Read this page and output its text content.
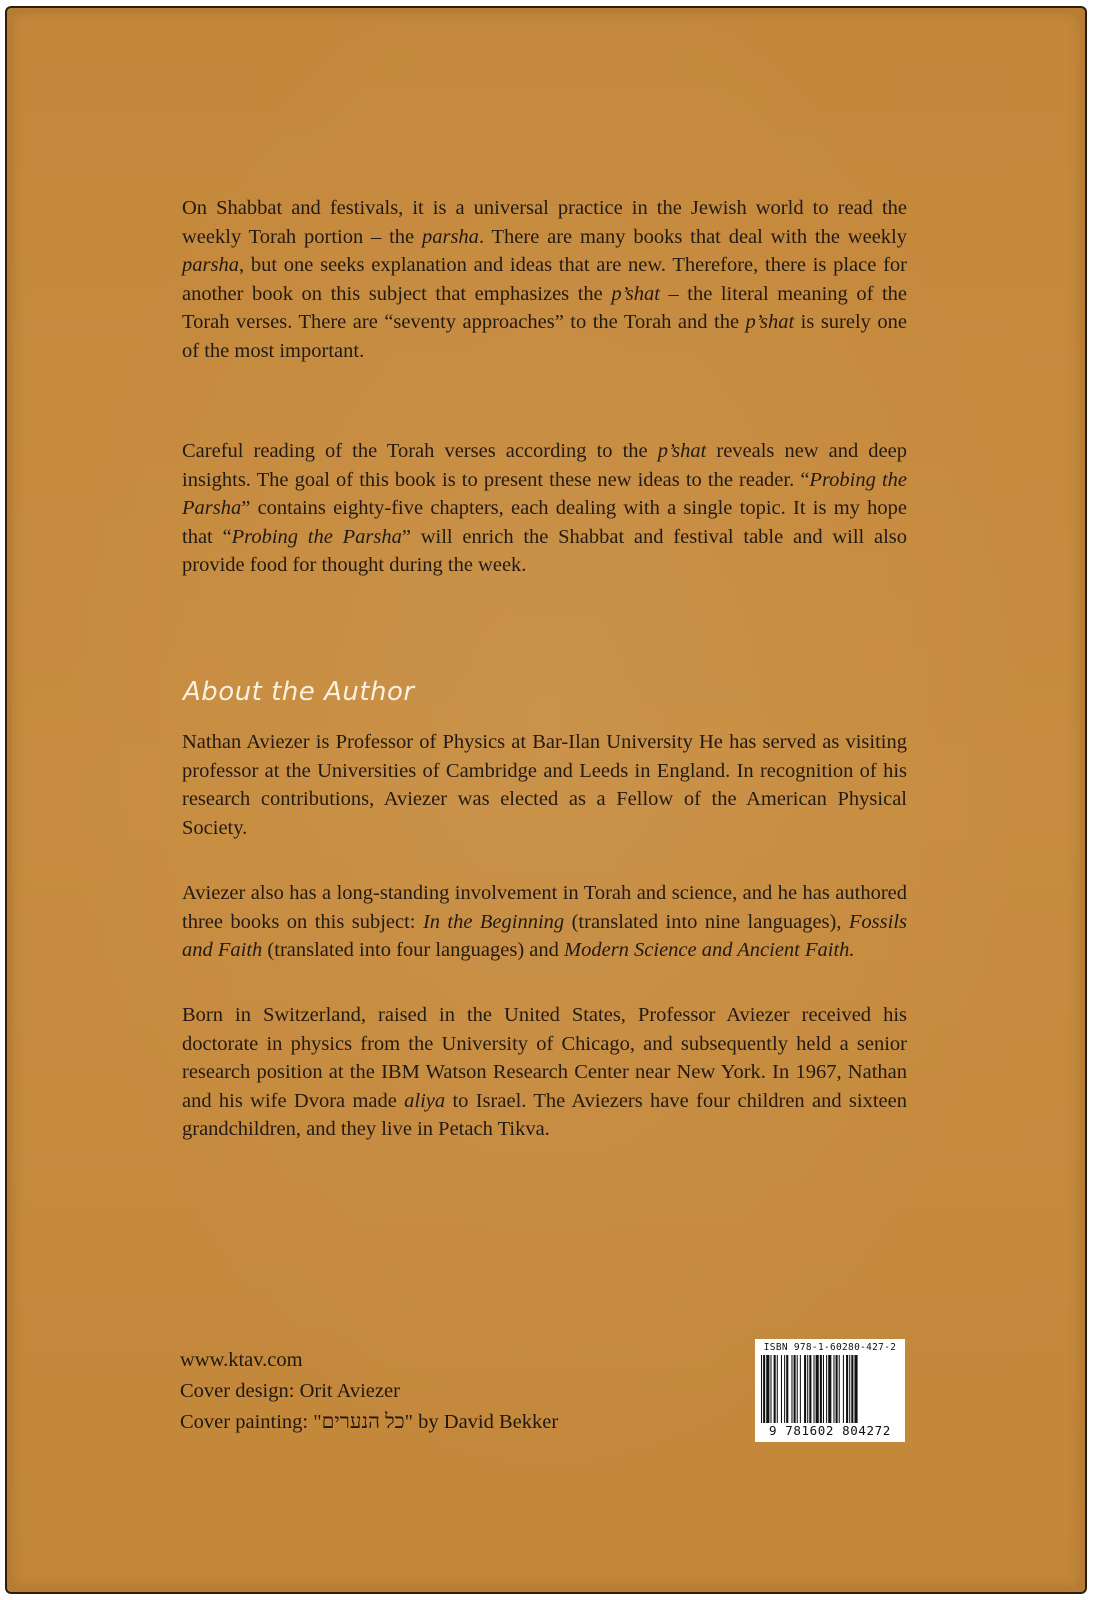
On Shabbat and festivals, it is a universal practice in the Jewish world to read the weekly Torah portion – the parsha. There are many books that deal with the weekly parsha, but one seeks explanation and ideas that are new. Therefore, there is place for another book on this subject that emphasizes the p’shat – the literal meaning of the Torah verses. There are “seventy approaches” to the Torah and the p’shat is surely one of the most important.

Careful reading of the Torah verses according to the p’shat reveals new and deep insights. The goal of this book is to present these new ideas to the reader. “Probing the Parsha” contains eighty-five chapters, each dealing with a single topic. It is my hope that “Probing the Parsha” will enrich the Shabbat and festival table and will also provide food for thought during the week.

About the Author

Nathan Aviezer is Professor of Physics at Bar-Ilan University He has served as visiting professor at the Universities of Cambridge and Leeds in England. In recognition of his research contributions, Aviezer was elected as a Fellow of the American Physical Society.

Aviezer also has a long-standing involvement in Torah and science, and he has authored three books on this subject: In the Beginning (translated into nine languages), Fossils and Faith (translated into four languages) and Modern Science and Ancient Faith.

Born in Switzerland, raised in the United States, Professor Aviezer received his doctorate in physics from the University of Chicago, and subsequently held a senior research position at the IBM Watson Research Center near New York. In 1967, Nathan and his wife Dvora made aliya to Israel. The Aviezers have four children and sixteen grandchildren, and they live in Petach Tikva.

www.ktav.com
Cover design: Orit Aviezer
Cover painting: "כל הנערים" by David Bekker
ISBN 978-1-60280-427-2
9 781602 804272
